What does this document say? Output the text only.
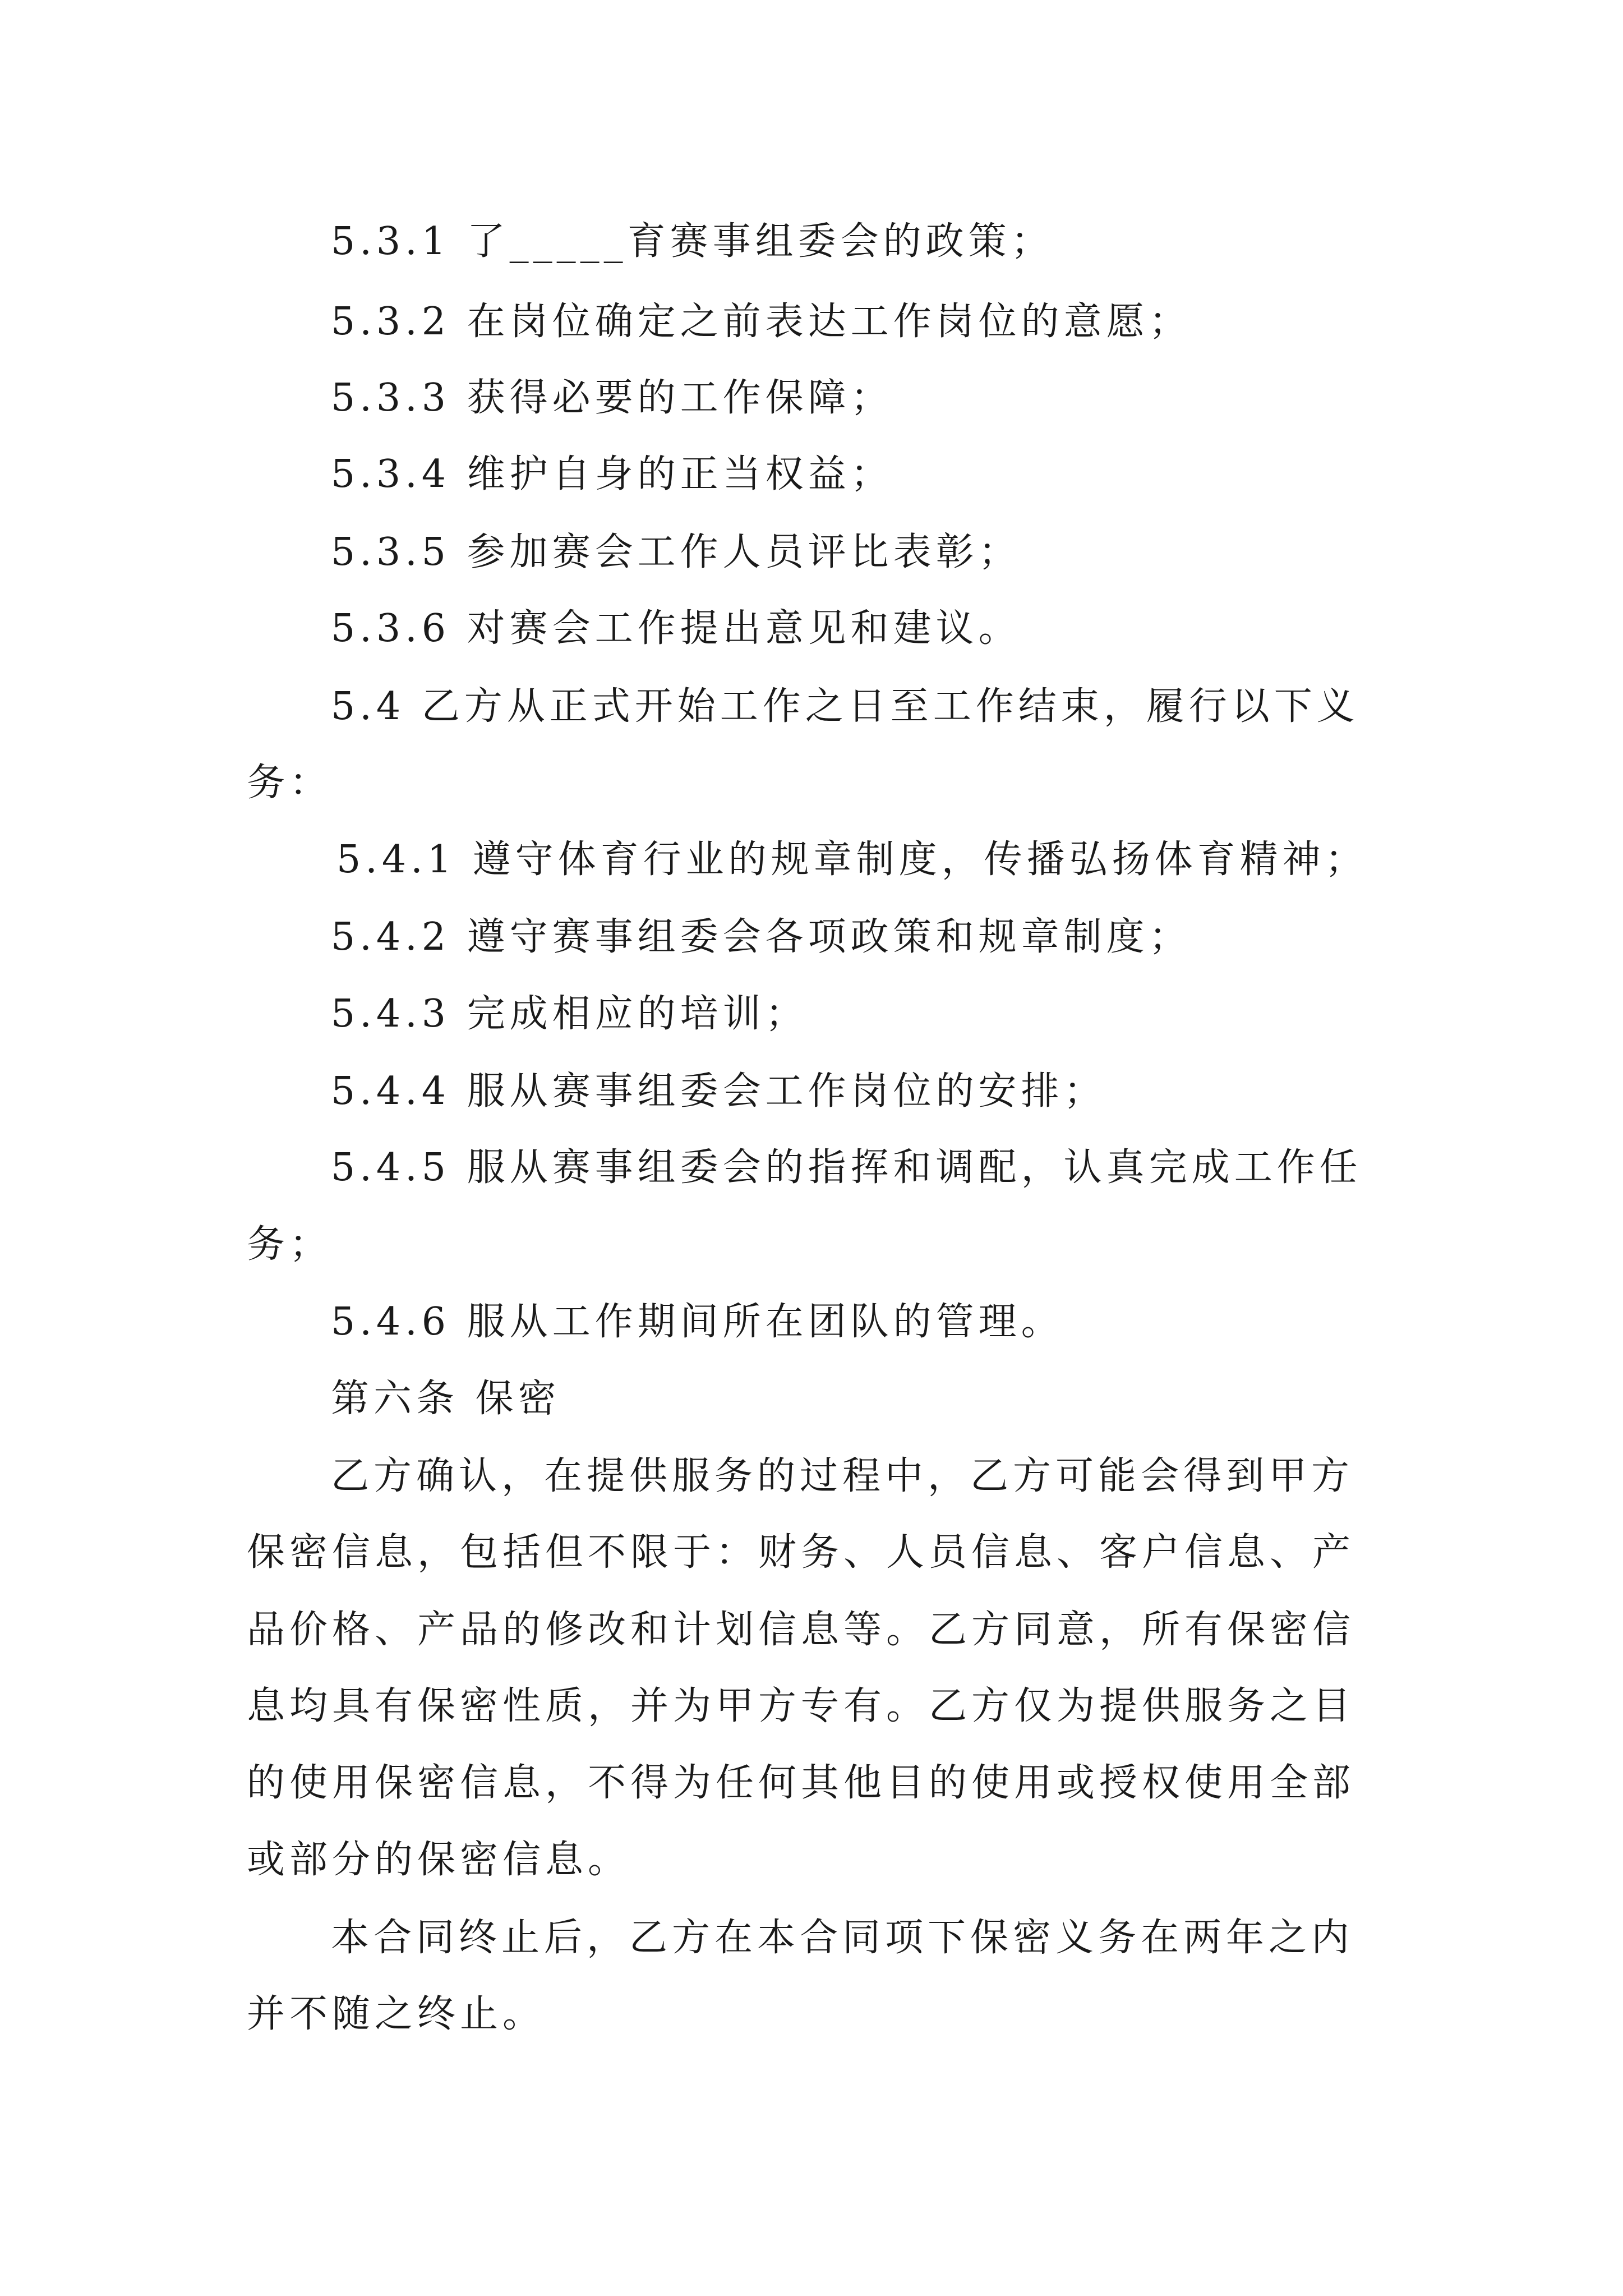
5.3.1 了_____育赛事组委会的政策；
5.3.2 在岗位确定之前表达工作岗位的意愿；
5.3.3 获得必要的工作保障；
5.3.4 维护自身的正当权益；
5.3.5 参加赛会工作人员评比表彰；
5.3.6 对赛会工作提出意见和建议。
5.4 乙方从正式开始工作之日至工作结束，履行以下义
务：
5.4.1 遵守体育行业的规章制度，传播弘扬体育精神；
5.4.2 遵守赛事组委会各项政策和规章制度；
5.4.3 完成相应的培训；
5.4.4 服从赛事组委会工作岗位的安排；
5.4.5 服从赛事组委会的指挥和调配，认真完成工作任
务；
5.4.6 服从工作期间所在团队的管理。
第六条 保密
乙方确认，在提供服务的过程中，乙方可能会得到甲方
保密信息，包括但不限于：财务、人员信息、客户信息、产
品价格、产品的修改和计划信息等。乙方同意，所有保密信
息均具有保密性质，并为甲方专有。乙方仅为提供服务之目
的使用保密信息，不得为任何其他目的使用或授权使用全部
或部分的保密信息。
本合同终止后，乙方在本合同项下保密义务在两年之内
并不随之终止。
